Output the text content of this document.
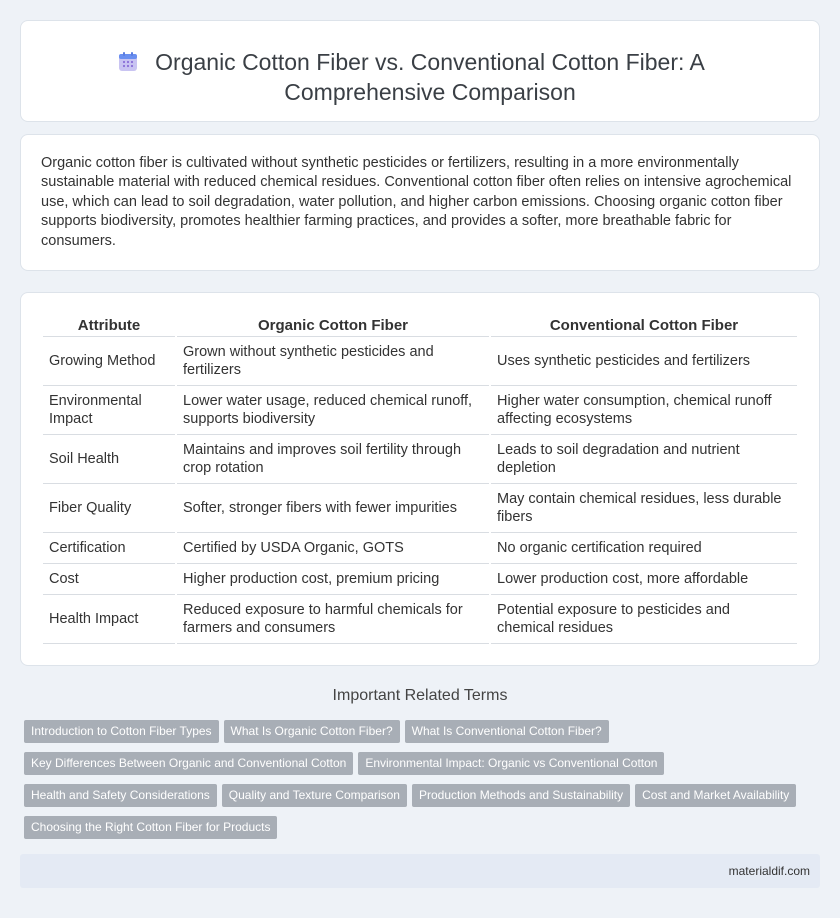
Organic Cotton Fiber vs. Conventional Cotton Fiber: A Comprehensive Comparison

Organic cotton fiber is cultivated without synthetic pesticides or fertilizers, resulting in a more environmentally sustainable material with reduced chemical residues. Conventional cotton fiber often relies on intensive agrochemical use, which can lead to soil degradation, water pollution, and higher carbon emissions. Choosing organic cotton fiber supports biodiversity, promotes healthier farming practices, and provides a softer, more breathable fabric for consumers.

Attribute	Organic Cotton Fiber	Conventional Cotton Fiber
Growing Method	Grown without synthetic pesticides and fertilizers	Uses synthetic pesticides and fertilizers
Environmental Impact	Lower water usage, reduced chemical runoff, supports biodiversity	Higher water consumption, chemical runoff affecting ecosystems
Soil Health	Maintains and improves soil fertility through crop rotation	Leads to soil degradation and nutrient depletion
Fiber Quality	Softer, stronger fibers with fewer impurities	May contain chemical residues, less durable fibers
Certification	Certified by USDA Organic, GOTS	No organic certification required
Cost	Higher production cost, premium pricing	Lower production cost, more affordable
Health Impact	Reduced exposure to harmful chemicals for farmers and consumers	Potential exposure to pesticides and chemical residues
Important Related Terms
Introduction to Cotton Fiber Types What Is Organic Cotton Fiber? What Is Conventional Cotton Fiber?
Key Differences Between Organic and Conventional Cotton Environmental Impact: Organic vs Conventional Cotton
Health and Safety Considerations Quality and Texture Comparison Production Methods and Sustainability Cost and Market Availability
Choosing the Right Cotton Fiber for Products
materialdif.com
